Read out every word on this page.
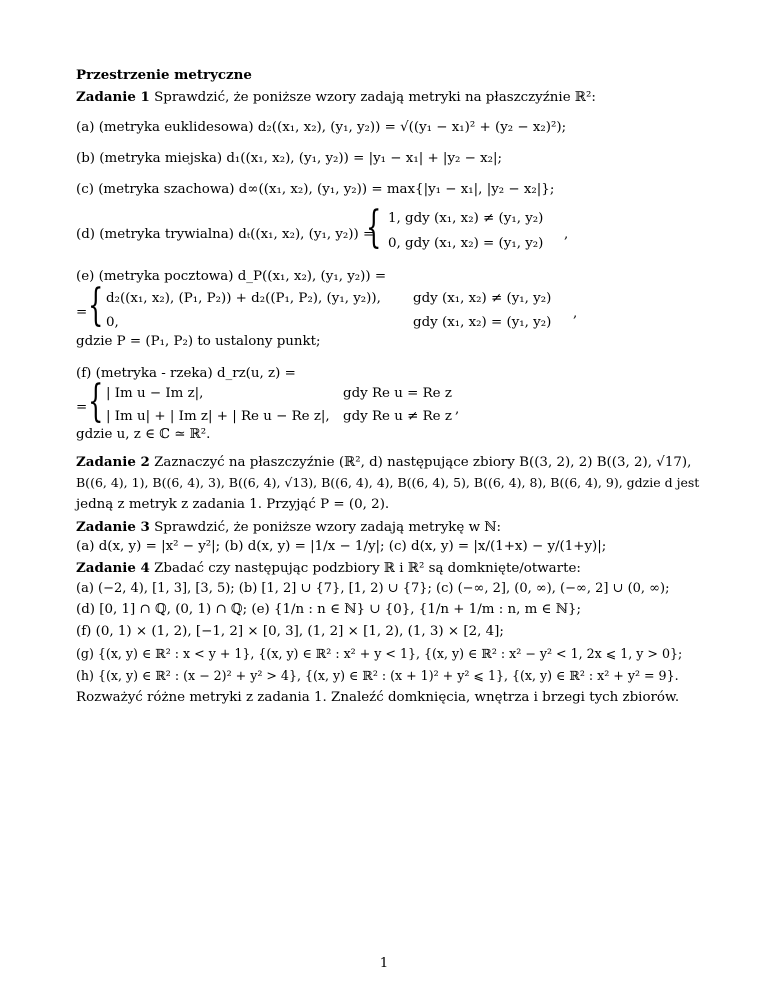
Przestrzenie metryczne
Zadanie 1 Sprawdzić, że poniższe wzory zadają metryki na płaszczyźnie ℝ²:
(a) (metryka euklidesowa) d₂((x₁, x₂), (y₁, y₂)) = √((y₁ − x₁)² + (y₂ − x₂)²);
(b) (metryka miejska) d₁((x₁, x₂), (y₁, y₂)) = |y₁ − x₁| + |y₂ − x₂|;
(c) (metryka szachowa) d∞((x₁, x₂), (y₁, y₂)) = max{|y₁ − x₁|, |y₂ − x₂|};
(d) (metryka trywialna) dₜ((x₁, x₂), (y₁, y₂)) =
{ 1, gdy (x₁, x₂) ≠ (y₁, y₂)
0, gdy (x₁, x₂) = (y₁, y₂)
,
(e) (metryka pocztowa) d_P((x₁, x₂), (y₁, y₂)) =
= { d₂((x₁, x₂), (P₁, P₂)) + d₂((P₁, P₂), (y₁, y₂)), gdy (x₁, x₂) ≠ (y₁, y₂)
0,	gdy (x₁, x₂) = (y₁, y₂)
,
gdzie P = (P₁, P₂) to ustalony punkt;
(f) (metryka - rzeka) d_rz(u, z) =
= { | Im u − Im z|,	gdy Re u = Re z
| Im u| + | Im z| + | Re u − Re z|, gdy Re u ≠ Re z ,
gdzie u, z ∈ ℂ ≃ ℝ².
Zadanie 2 Zaznaczyć na płaszczyźnie (ℝ², d) następujące zbiory B((3, 2), 2) B((3, 2), √17),
B((6, 4), 1), B((6, 4), 3), B((6, 4), √13), B((6, 4), 4), B((6, 4), 5), B((6, 4), 8), B((6, 4), 9), gdzie d jest
jedną z metryk z zadania 1. Przyjąć P = (0, 2).
Zadanie 3 Sprawdzić, że poniższe wzory zadają metrykę w ℕ:
(a) d(x, y) = |x² − y²|; (b) d(x, y) = |1/x − 1/y|; (c) d(x, y) = |x/(1+x) − y/(1+y)|;
Zadanie 4 Zbadać czy następując podzbiory ℝ i ℝ² są domknięte/otwarte:
(a) (−2, 4), [1, 3], [3, 5); (b) [1, 2] ∪ {7}, [1, 2) ∪ {7}; (c) (−∞, 2], (0, ∞), (−∞, 2] ∪ (0, ∞);
(d) [0, 1] ∩ ℚ, (0, 1) ∩ ℚ; (e) {1/n : n ∈ ℕ} ∪ {0}, {1/n + 1/m : n, m ∈ ℕ};
(f) (0, 1) × (1, 2), [−1, 2] × [0, 3], (1, 2] × [1, 2), (1, 3) × [2, 4];
(g) {(x, y) ∈ ℝ² : x < y + 1}, {(x, y) ∈ ℝ² : x² + y < 1}, {(x, y) ∈ ℝ² : x² − y² < 1, 2x ⩽ 1, y > 0};
(h) {(x, y) ∈ ℝ² : (x − 2)² + y² > 4}, {(x, y) ∈ ℝ² : (x + 1)² + y² ⩽ 1}, {(x, y) ∈ ℝ² : x² + y² = 9}.
Rozważyć różne metryki z zadania 1. Znaleźć domknięcia, wnętrza i brzegi tych zbiorów.
1
